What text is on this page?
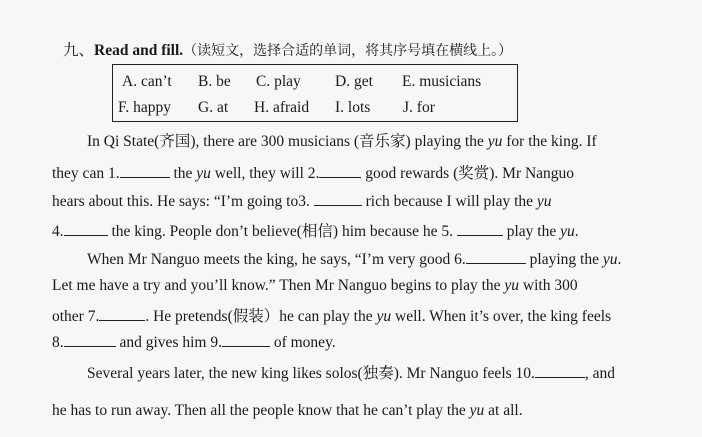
九、Read and fill.（读短文，选择合适的单词，将其序号填在横线上。）
A. can’t B. be C. play D. get E. musicians
F. happy G. at H. afraid I. lots J. for
In Qi State(齐国), there are 300 musicians (音乐家) playing the yu for the king. If
they can 1.	the yu well, they will 2.	good rewards (奖赏). Mr Nanguo
hears about this. He says: “I’m going to3.	rich because I will play the yu
4.	the king. People don’t believe(相信) him because he 5.	play the yu.
When Mr Nanguo meets the king, he says, “I’m very good 6.	playing the yu.
Let me have a try and you’ll know.” Then Mr Nanguo begins to play the yu with 300
other 7.	. He pretends(假装）he can play the yu well. When it’s over, the king feels
8.	and gives him 9.	of money.
Several years later, the new king likes solos(独奏). Mr Nanguo feels 10.	, and
he has to run away. Then all the people know that he can’t play the yu at all.
